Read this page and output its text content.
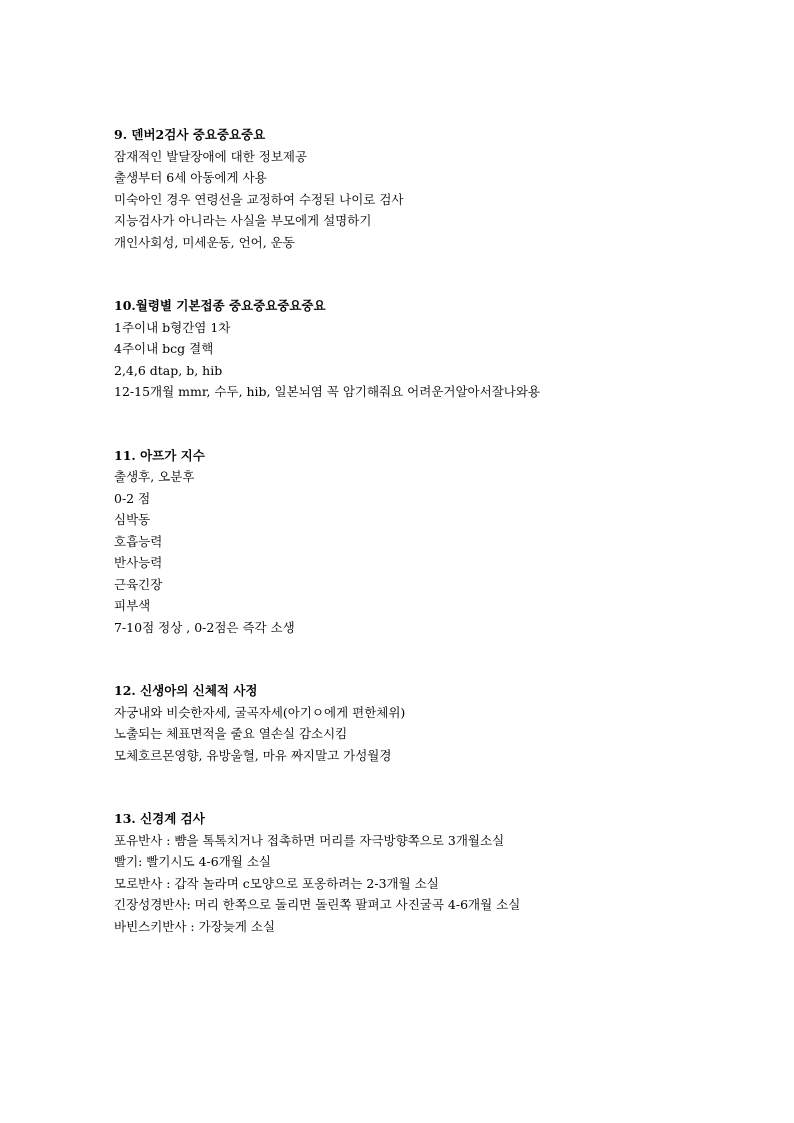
9. 덴버2검사 중요중요중요

잠재적인 발달장애에 대한 정보제공

출생부터 6세 아동에게 사용

미숙아인 경우 연령선을 교정하여 수정된 나이로 검사

지능검사가 아니라는 사실을 부모에게 설명하기

개인사회성, 미세운동, 언어, 운동

10.월령별 기본접종 중요중요중요중요

1주이내 b형간염 1차

4주이내 bcg 결핵

2,4,6 dtap, b, hib

12-15개월 mmr, 수두, hib, 일본뇌염 꼭 암기해줘요 어려운거알아서잘나와용

11. 아프가 지수

출생후, 오분후

0-2 점

심박동

호흡능력

반사능력

근육긴장

피부색

7-10점 정상 , 0-2점은 즉각 소생

12. 신생아의 신체적 사정

자궁내와 비슷한자세, 굴곡자세(아기ㅇ에게 편한체위)

노출되는 체표면적을 줄요 열손실 감소시킴

모체호르몬영향, 유방울혈, 마유 짜지말고 가성월경

13. 신경계 검사

포유반사 : 뺨을 톡톡치거나 접촉하면 머리를 자극방향쪽으로 3개월소실

빨기: 빨기시도 4-6개월 소실

모로반사 : 갑작 놀라며 c모양으로 포옹하려는 2-3개월 소실

긴장성경반사: 머리 한쪽으로 돌리면 돌린쪽 팔펴고 사진굴곡 4-6개월 소실

바빈스키반사 : 가장늦게 소실
